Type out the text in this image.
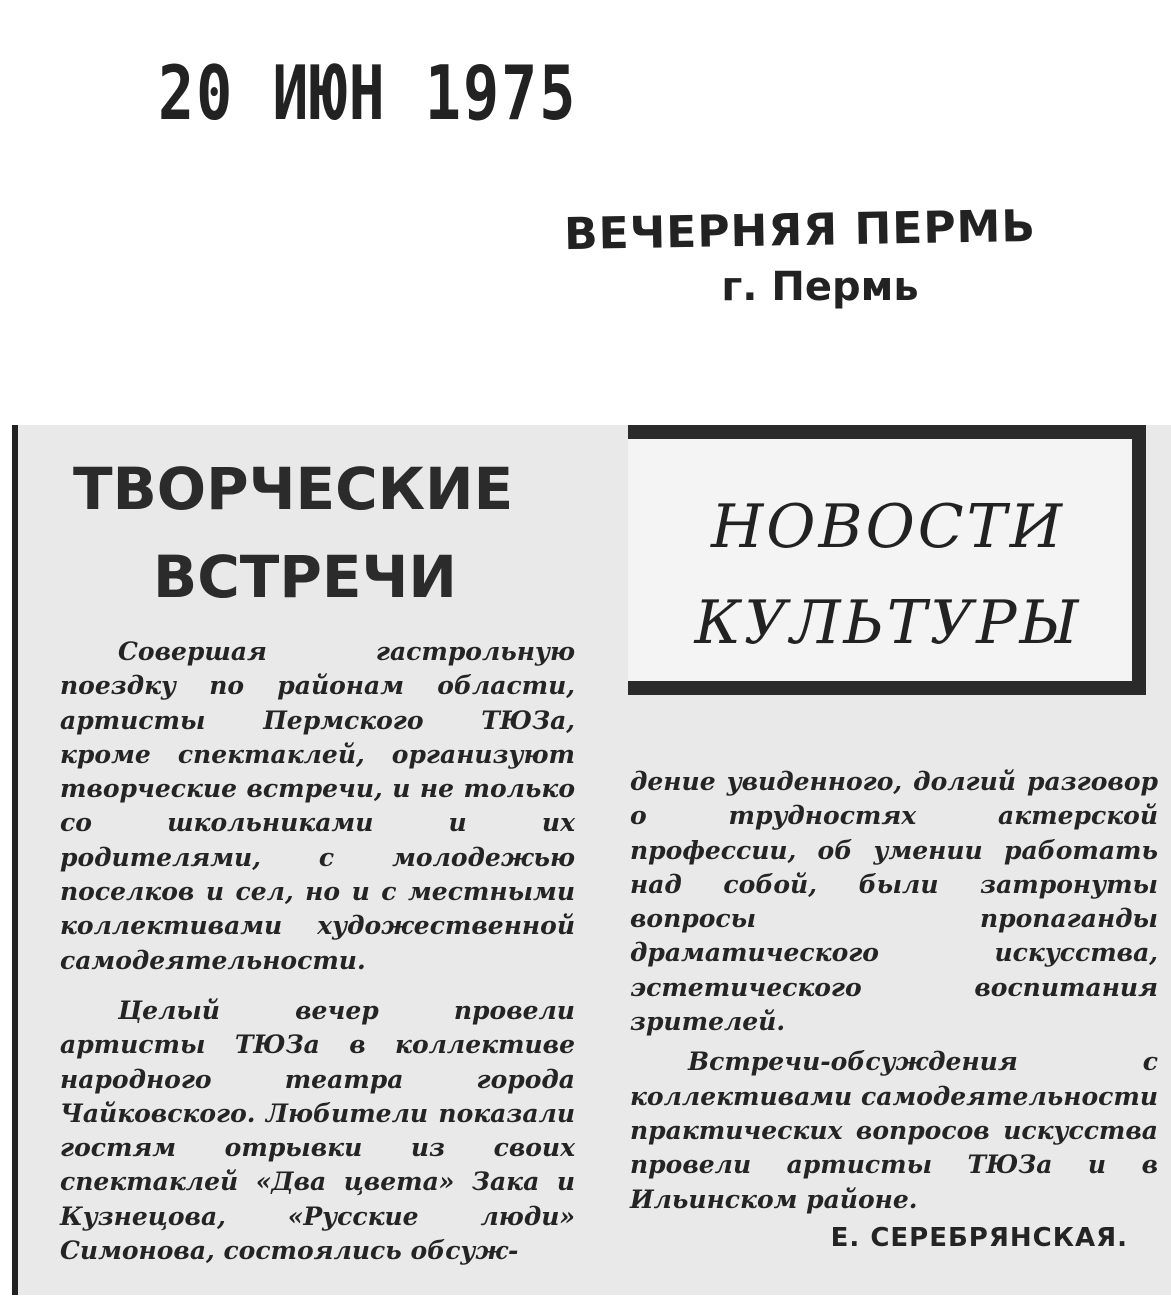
20 ИЮН 1975
ВЕЧЕРНЯЯ ПЕРМЬ
г. Пермь
ТВОРЧЕСКИЕ
ВСТРЕЧИ
НОВОСТИ
КУЛЬТУРЫ

Совершая гастрольную поездку по районам области, артисты Пермского ТЮЗа, кроме спектаклей, организуют творческие встречи, и не только со школьниками и их родителями, с молодежью поселков и сел, но и с местными коллективами художественной самодеятельности.

Целый вечер провели артисты ТЮЗа в коллективе народного театра города Чайковского. Любители показали гостям отрывки из своих спектаклей «Два цвета» Зака и Кузнецова, «Русские люди» Симонова, состоялись обсуж-

дение увиденного, долгий разговор о трудностях актерской профессии, об умении работать над собой, были затронуты вопросы пропаганды драматического искусства, эстетического воспитания зрителей.

Встречи-обсуждения с коллективами самодеятельности практических вопросов искусства провели артисты ТЮЗа и в Ильинском районе.

Е. СЕРЕБРЯНСКАЯ.
